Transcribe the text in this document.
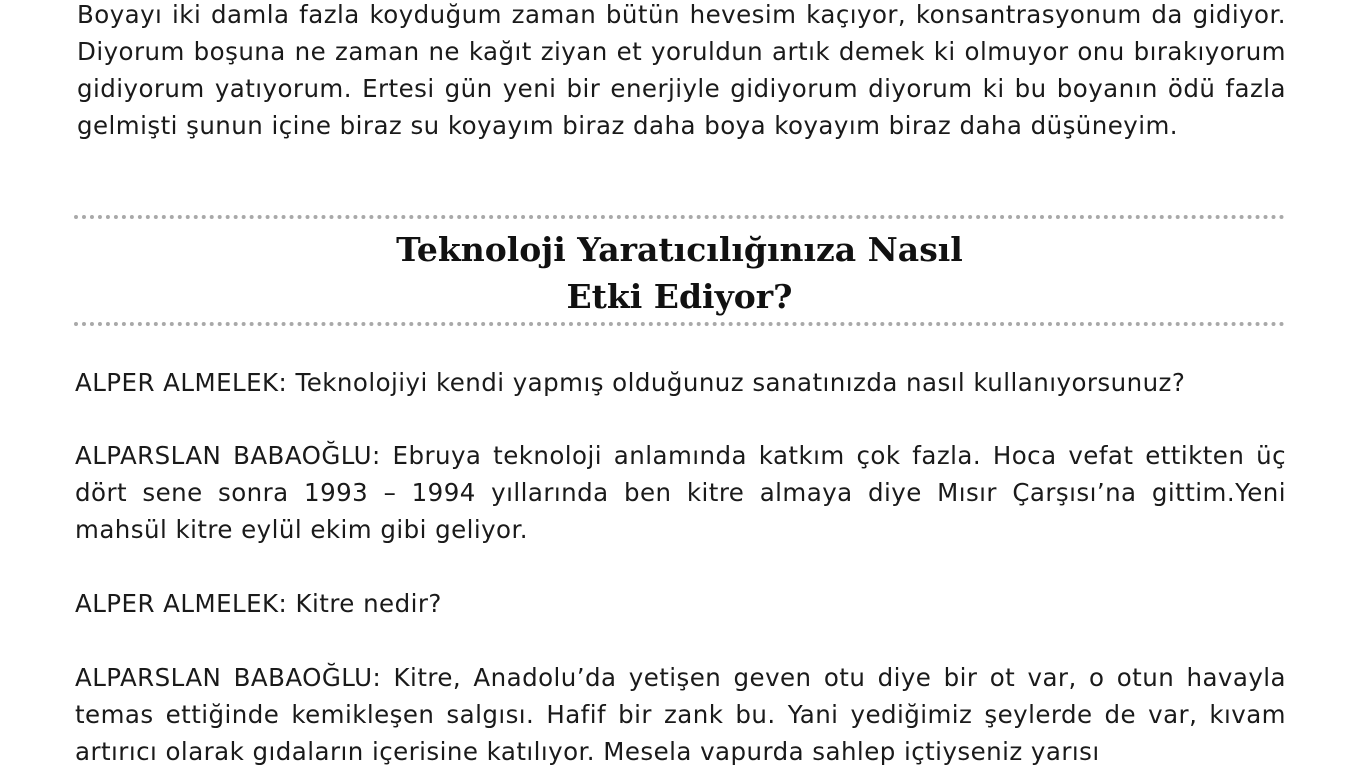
Boyayı iki damla fazla koyduğum zaman bütün hevesim kaçıyor, konsantrasyonum da gidiyor. Diyorum boşuna ne zaman ne kağıt ziyan et yoruldun artık demek ki olmuyor onu bırakıyorum gidiyorum yatıyorum. Ertesi gün yeni bir enerjiyle gidiyorum diyorum ki bu boyanın ödü fazla gelmişti şunun içine biraz su koyayım biraz daha boya koyayım biraz daha düşüneyim.

Teknoloji Yaratıcılığınıza Nasıl
Etki Ediyor?

ALPER ALMELEK: Teknolojiyi kendi yapmış olduğunuz sanatınızda nasıl kullanıyorsunuz?

ALPARSLAN BABAOĞLU: Ebruya teknoloji anlamında katkım çok fazla. Hoca vefat ettikten üç dört sene sonra 1993 – 1994 yıllarında ben kitre almaya diye Mısır Çarşısı’na gittim.Yeni mahsül kitre eylül ekim gibi geliyor.

ALPER ALMELEK: Kitre nedir?

ALPARSLAN BABAOĞLU: Kitre, Anadolu’da yetişen geven otu diye bir ot var, o otun havayla temas ettiğinde kemikleşen salgısı. Hafif bir zank bu. Yani yediğimiz şeylerde de var, kıvam artırıcı olarak gıdaların içerisine katılıyor. Mesela vapurda sahlep içtiyseniz yarısı
